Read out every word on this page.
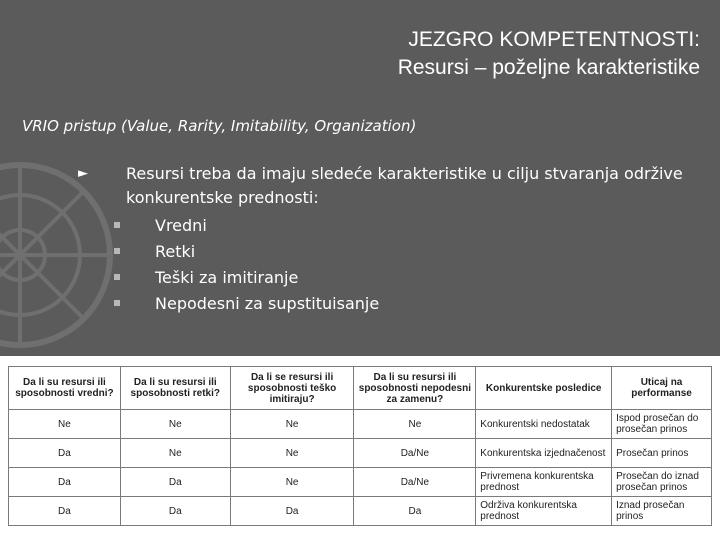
JEZGRO KOMPETENTNOSTI:
Resursi – poželjne karakteristike
VRIO pristup (Value, Rarity, Imitability, Organization)
► Resursi treba da imaju sledeće karakteristike u cilju stvaranja održive konkurentske prednosti:
Vredni
Retki
Teški za imitiranje
Nepodesni za supstituisanje
Da li su resursi ili sposobnosti vredni?	Da li su resursi ili sposobnosti retki?	Da li se resursi ili sposobnosti teško imitiraju?	Da li su resursi ili sposobnosti nepodesni za zamenu?	Konkurentske posledice	Uticaj na performanse
Ne	Ne	Ne	Ne	Konkurentski nedostatak	Ispod prosečan do prosečan prinos
Da	Ne	Ne	Da/Ne	Konkurentska izjednačenost	Prosečan prinos
Da	Da	Ne	Da/Ne	Privremena konkurentska prednost	Prosečan do iznad prosečan prinos
Da	Da	Da	Da	Održiva konkurentska prednost	Iznad prosečan prinos
